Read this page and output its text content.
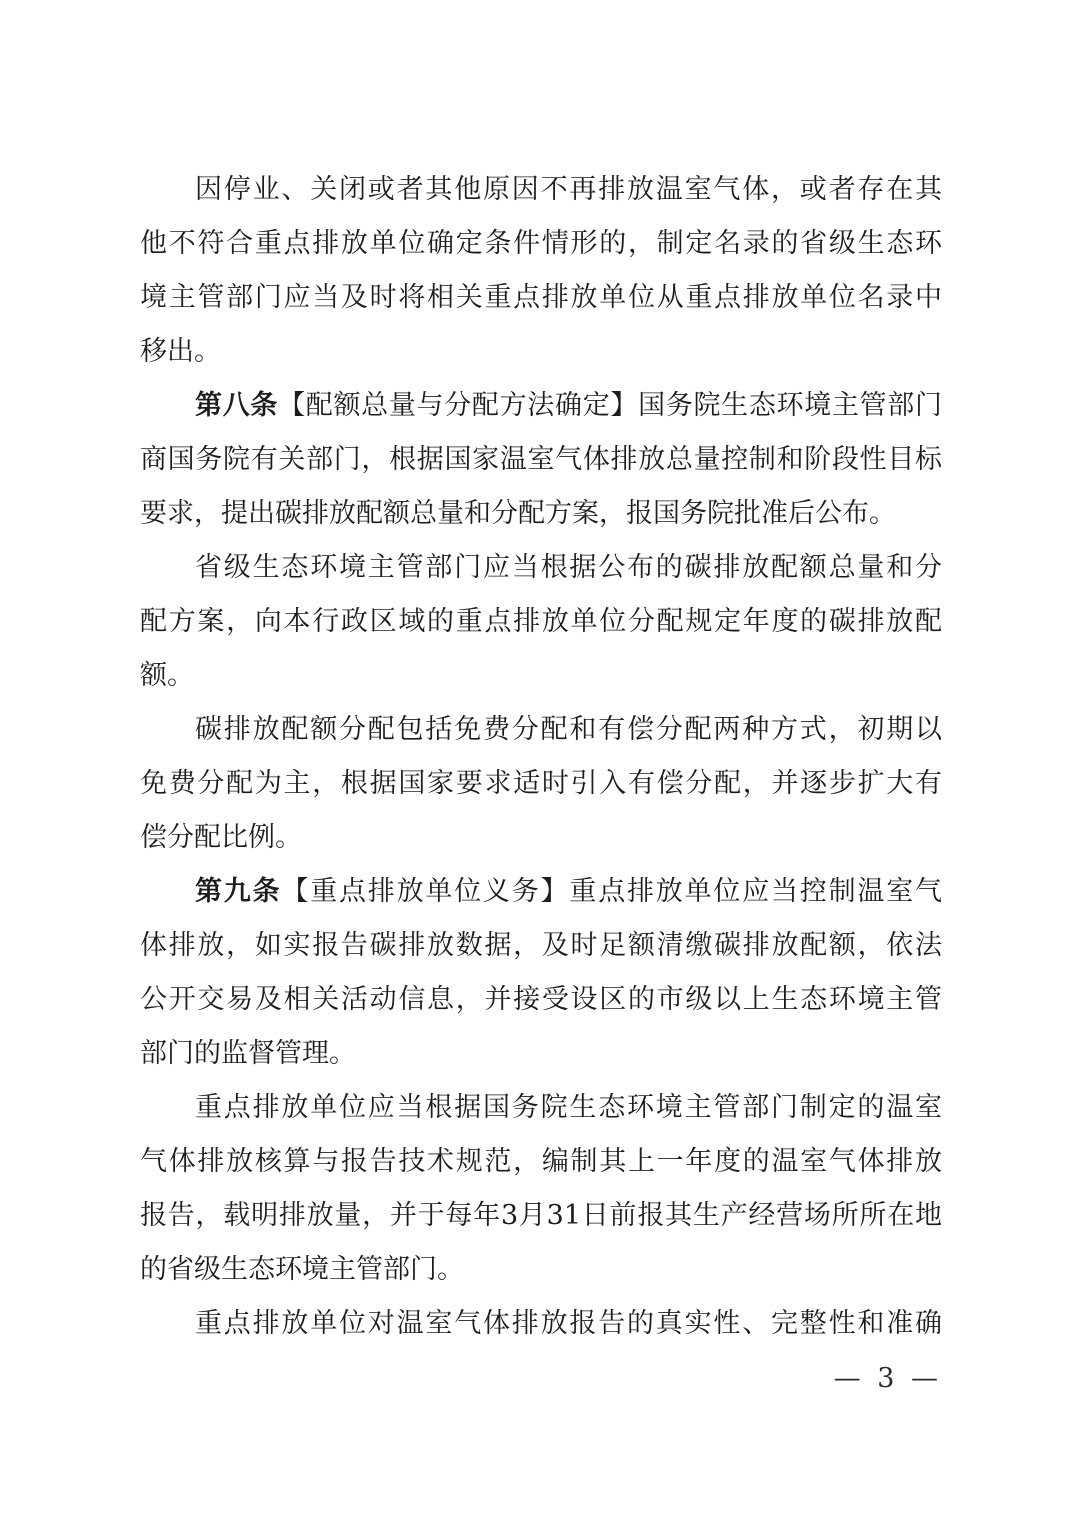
因停业、关闭或者其他原因不再排放温室气体，或者存在其
他不符合重点排放单位确定条件情形的，制定名录的省级生态环
境主管部门应当及时将相关重点排放单位从重点排放单位名录中
移出。
第八条【配额总量与分配方法确定】国务院生态环境主管部门
商国务院有关部门，根据国家温室气体排放总量控制和阶段性目标
要求，提出碳排放配额总量和分配方案，报国务院批准后公布。
省级生态环境主管部门应当根据公布的碳排放配额总量和分
配方案，向本行政区域的重点排放单位分配规定年度的碳排放配
额。
碳排放配额分配包括免费分配和有偿分配两种方式，初期以
免费分配为主，根据国家要求适时引入有偿分配，并逐步扩大有
偿分配比例。
第九条【重点排放单位义务】重点排放单位应当控制温室气
体排放，如实报告碳排放数据，及时足额清缴碳排放配额，依法
公开交易及相关活动信息，并接受设区的市级以上生态环境主管
部门的监督管理。
重点排放单位应当根据国务院生态环境主管部门制定的温室
气体排放核算与报告技术规范，编制其上一年度的温室气体排放
报告，载明排放量，并于每年3月31日前报其生产经营场所所在地
的省级生态环境主管部门。
重点排放单位对温室气体排放报告的真实性、完整性和准确
— 3 —
